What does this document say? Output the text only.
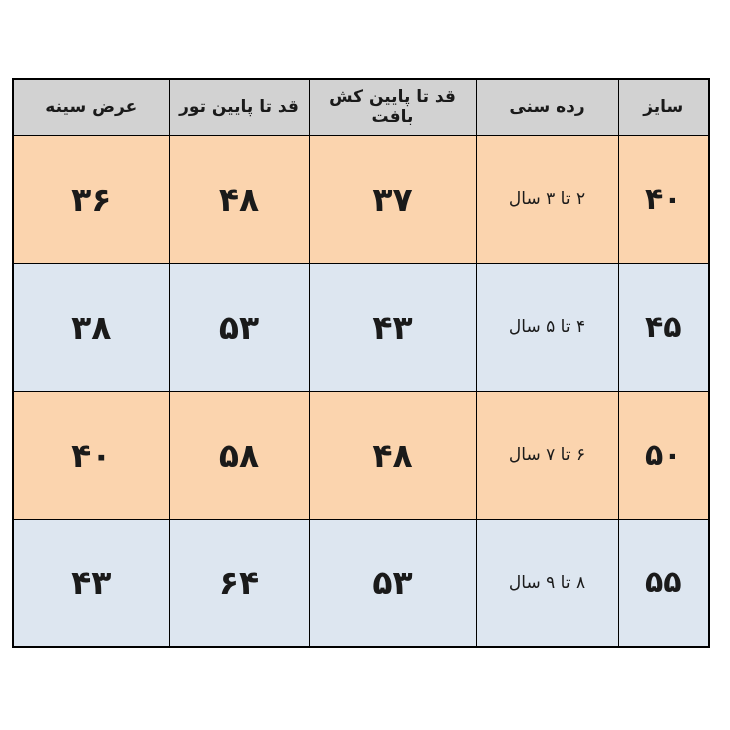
سایز	رده سنی	قد تا پایین کش بافت	قد تا پایین تور	عرض سینه
۴۰	۲ تا ۳ سال	۳۷	۴۸	۳۶
۴۵	۴ تا ۵ سال	۴۳	۵۳	۳۸
۵۰	۶ تا ۷ سال	۴۸	۵۸	۴۰
۵۵	۸ تا ۹ سال	۵۳	۶۴	۴۳
